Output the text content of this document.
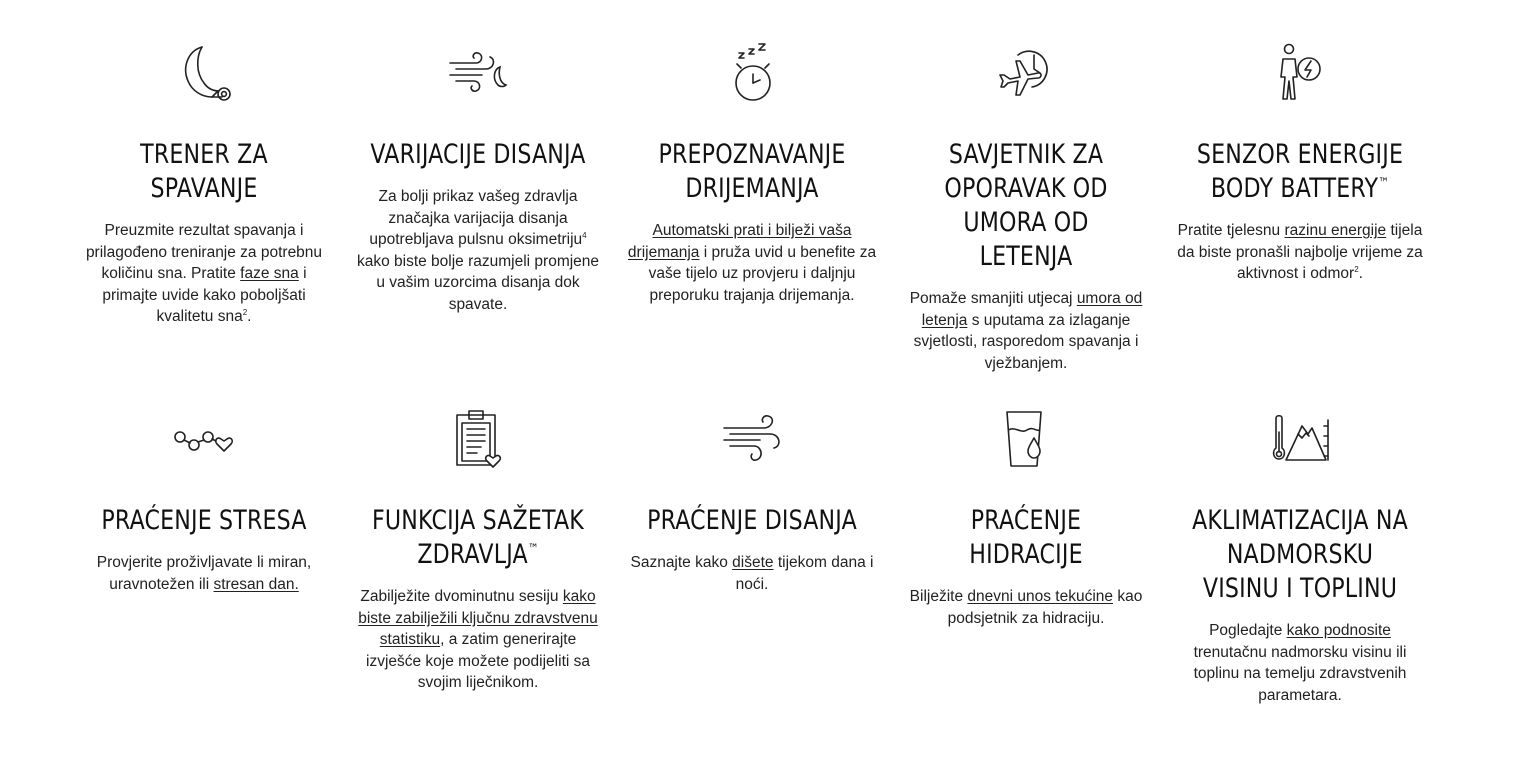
TRENER ZA SPAVANJE

Preuzmite rezultat spavanja i prilagođeno treniranje za potrebnu količinu sna. Pratite faze sna i primajte uvide kako poboljšati kvalitetu sna$^2$.

VARIJACIJE DISANJA

Za bolji prikaz vašeg zdravlja značajka varijacija disanja upotrebljava pulsnu oksimetriju$^4$ kako biste bolje razumjeli promjene u vašim uzorcima disanja dok spavate.

PREPOZNAVANJE DRIJEMANJA

Automatski prati i bilježi vaša drijemanja i pruža uvid u benefite za vaše tijelo uz provjeru i daljnju preporuku trajanja drijemanja.

SAVJETNIK ZA OPORAVAK OD UMORA OD LETENJA

Pomaže smanjiti utjecaj umora od letenja s uputama za izlaganje svjetlosti, rasporedom spavanja i vježbanjem.

SENZOR ENERGIJE BODY BATTERY™

Pratite tjelesnu razinu energije tijela da biste pronašli najbolje vrijeme za aktivnost i odmor$^2$.

PRAĆENJE STRESA

Provjerite proživljavate li miran, uravnotežen ili stresan dan.

FUNKCIJA SAŽETAK ZDRAVLJA™

Zabilježite dvominutnu sesiju kako biste zabilježili ključnu zdravstvenu statistiku, a zatim generirajte izvješće koje možete podijeliti sa svojim liječnikom.

PRAĆENJE DISANJA

Saznajte kako dišete tijekom dana i noći.

PRAĆENJE HIDRACIJE

Bilježite dnevni unos tekućine kao podsjetnik za hidraciju.

AKLIMATIZACIJA NA NADMORSKU VISINU I TOPLINU

Pogledajte kako podnosite trenutačnu nadmorsku visinu ili toplinu na temelju zdravstvenih parametara.
